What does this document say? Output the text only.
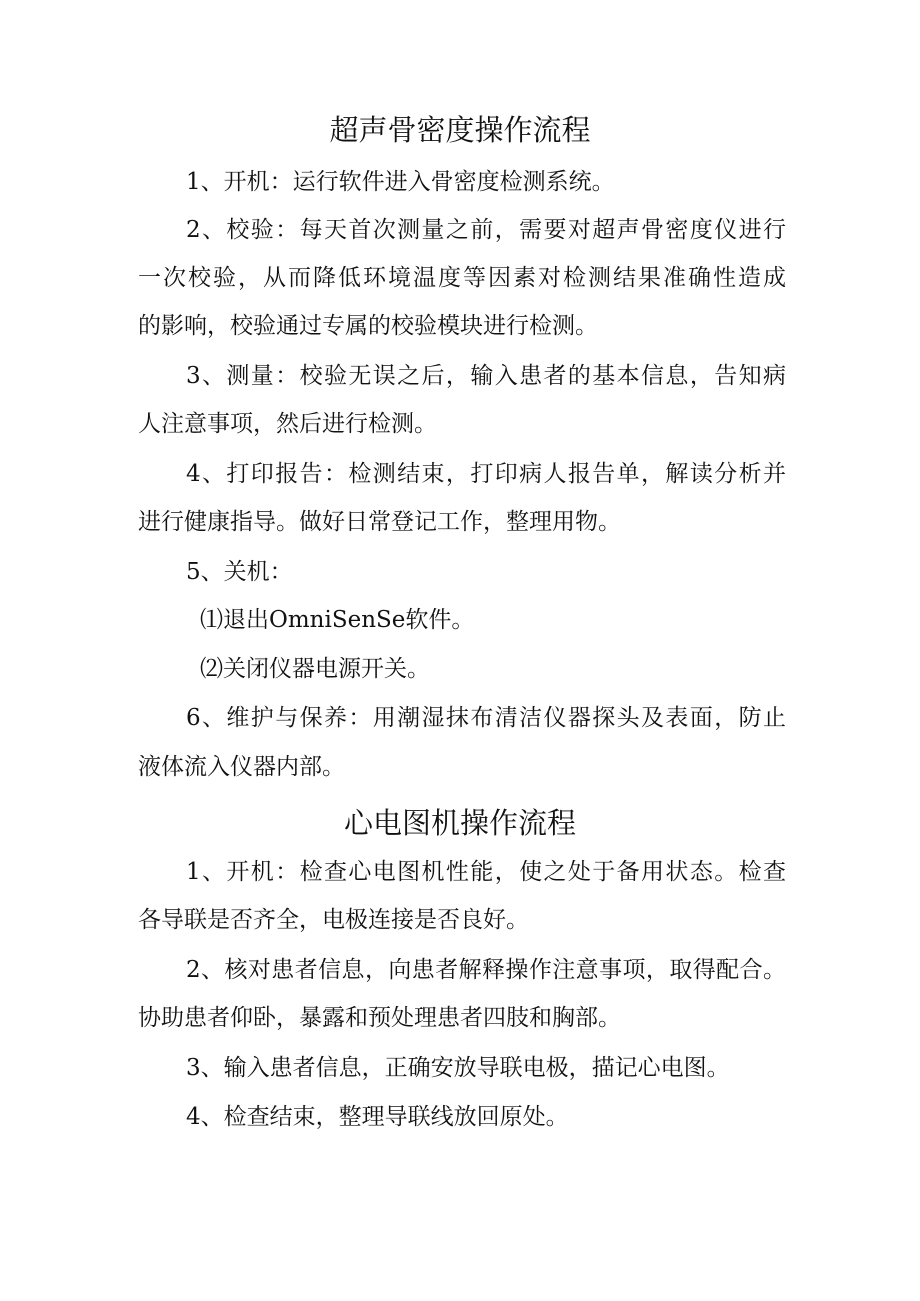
超声骨密度操作流程
1、开机：运行软件进入骨密度检测系统。
2、校验：每天首次测量之前，需要对超声骨密度仪进行
一次校验，从而降低环境温度等因素对检测结果准确性造成
的影响，校验通过专属的校验模块进行检测。
3、测量：校验无误之后，输入患者的基本信息，告知病
人注意事项，然后进行检测。
4、打印报告：检测结束，打印病人报告单，解读分析并
进行健康指导。做好日常登记工作，整理用物。
5、关机：
⑴退出OmniSenSe软件。
⑵关闭仪器电源开关。
6、维护与保养：用潮湿抹布清洁仪器探头及表面，防止
液体流入仪器内部。
心电图机操作流程
1、开机：检查心电图机性能，使之处于备用状态。检查
各导联是否齐全，电极连接是否良好。
2、核对患者信息，向患者解释操作注意事项，取得配合。
协助患者仰卧，暴露和预处理患者四肢和胸部。
3、输入患者信息，正确安放导联电极，描记心电图。
4、检查结束，整理导联线放回原处。
